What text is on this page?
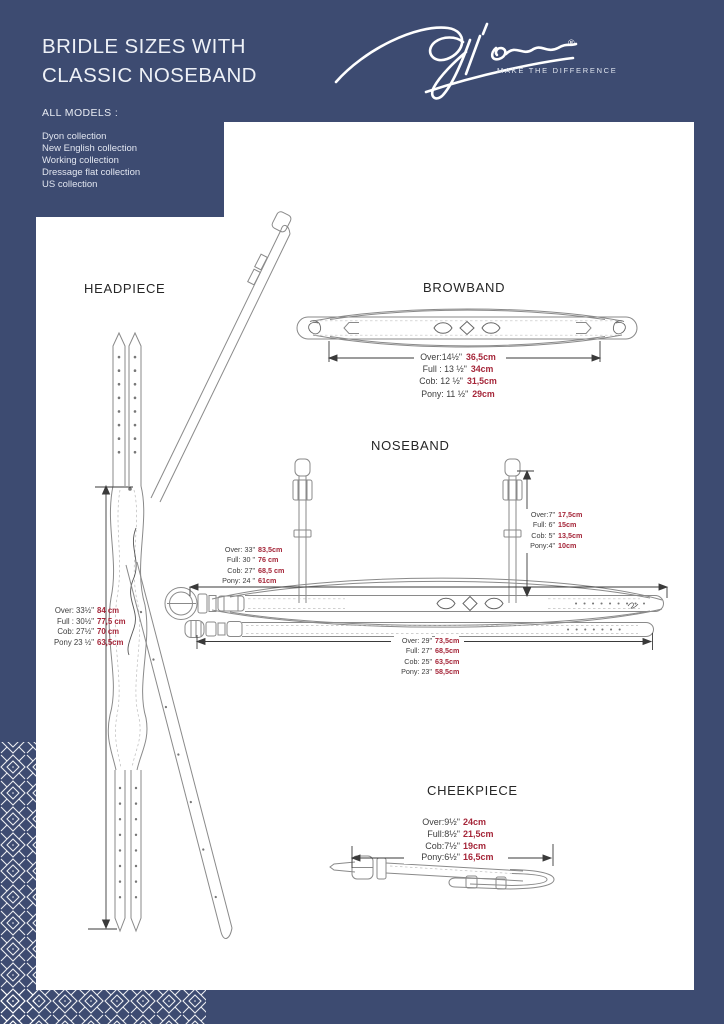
BRIDLE SIZES WITH
CLASSIC NOSEBAND
®
MAKE THE DIFFERENCE
ALL MODELS :
Dyon collection
New English collection
Working collection
Dressage flat collection
US collection
HEADPIECE	BROWBAND
NOSEBAND
CHEEKPIECE
Over: 33½" 84 cm
Full : 30½" 77,5 cm
Cob: 27½" 70 cm
Pony 23 ½" 63,5cm
Over:14½" 36,5cm
Full : 13 ½" 34cm
Cob: 12 ½" 31,5cm
Pony: 11 ½" 29cm
Over: 33" 83,5cm
Full: 30 " 76 cm
Cob: 27" 68,5 cm
Pony: 24 " 61cm
Over:7" 17,5cm
Full: 6" 15cm
Cob: 5" 13,5cm
Pony:4" 10cm
Over: 29" 73,5cm
Full: 27" 68,5cm
Cob: 25" 63,5cm
Pony: 23" 58,5cm
Over:9½" 24cm
Full:8½" 21,5cm
Cob:7½" 19cm
Pony:6½" 16,5cm
